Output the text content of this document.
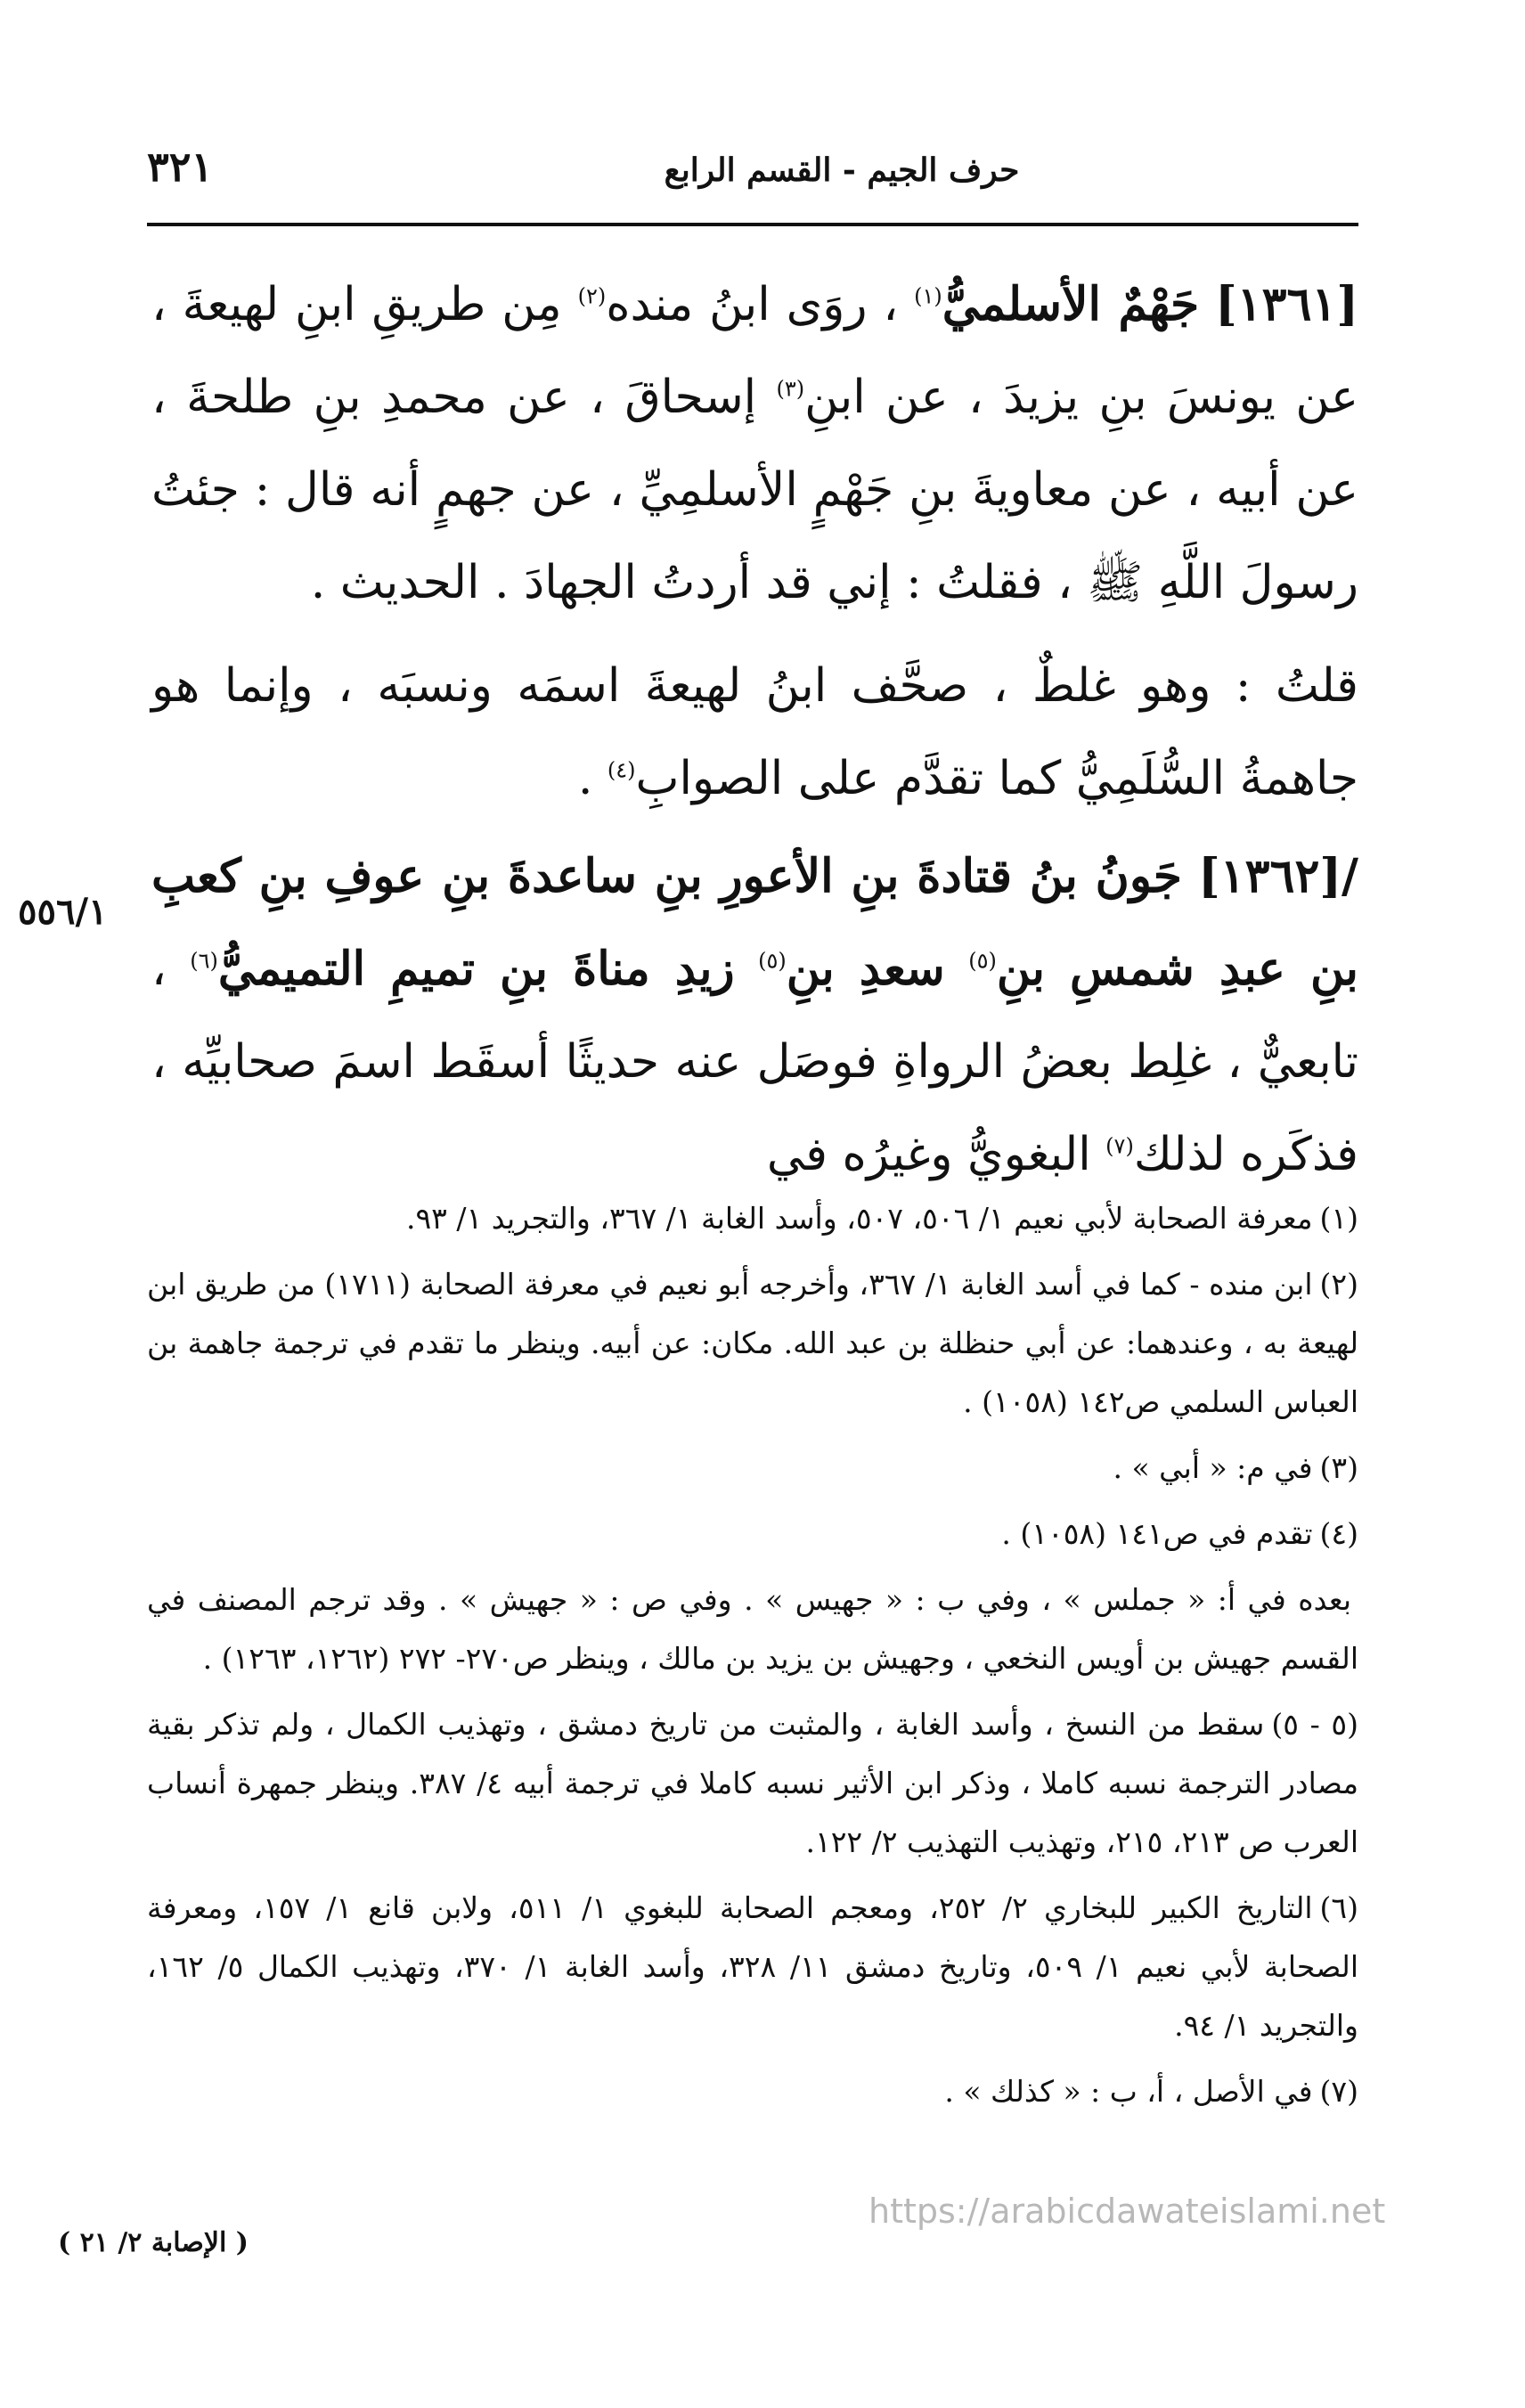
٣٢١	حرف الجيم - القسم الرابع

[١٣٦١] جَهْمٌ الأسلميُّ$^{(١)}$ ، روَى ابنُ منده$^{(٢)}$ مِن طريقِ ابنِ لهيعةَ ، عن يونسَ بنِ يزيدَ ، عن ابنِ$^{(٣)}$ إسحاقَ ، عن محمدِ بنِ طلحةَ ، عن أبيه ، عن معاويةَ بنِ جَهْمٍ الأسلمِيِّ ، عن جهمٍ أنه قال : جئتُ رسولَ اللَّهِ ﷺ ، فقلتُ : إني قد أردتُ الجهادَ . الحديث .

قلتُ : وهو غلطٌ ، صحَّف ابنُ لهيعةَ اسمَه ونسبَه ، وإنما هو جاهمةُ السُّلَمِيُّ كما تقدَّم على الصوابِ$^{(٤)}$ .

/[١٣٦٢] جَونُ بنُ قتادةَ بنِ الأعورِ بنِ ساعدةَ بنِ عوفِ بنِ كعبِ بنِ عبدِ شمسِ بنِ$^{(٥)}$ سعدِ بنِ$^{(٥)}$ زيدِ مناةَ بنِ تميمِ التميميُّ$^{(٦)}$ ، تابعيٌّ ، غلِط بعضُ الرواةِ فوصَل عنه حديثًا أسقَط اسمَ صحابيِّه ، فذكَره لذلك$^{(٧)}$ البغويُّ وغيرُه في

٥٥٦/١

(١)معرفة الصحابة لأبي نعيم ١/ ٥٠٦، ٥٠٧، وأسد الغابة ١/ ٣٦٧، والتجريد ١/ ٩٣.

(٢)ابن منده - كما في أسد الغابة ١/ ٣٦٧، وأخرجه أبو نعيم في معرفة الصحابة (١٧١١) من طريق ابن لهيعة به ، وعندهما: عن أبي حنظلة بن عبد الله. مكان: عن أبيه. وينظر ما تقدم في ترجمة جاهمة بن العباس السلمي ص١٤٢ (١٠٥٨) .

(٣)في م: « أبي » .

(٤)تقدم في ص١٤١ (١٠٥٨) .

بعده في أ: « جملس » ، وفي ب : « جهيس » . وفي ص : « جهيش » . وقد ترجم المصنف في القسم جهيش بن أويس النخعي ، وجهيش بن يزيد بن مالك ، وينظر ص٢٧٠- ٢٧٢ (١٢٦٢، ١٢٦٣) .

(٥ - ٥)سقط من النسخ ، وأسد الغابة ، والمثبت من تاريخ دمشق ، وتهذيب الكمال ، ولم تذكر بقية مصادر الترجمة نسبه كاملا ، وذكر ابن الأثير نسبه كاملا في ترجمة أبيه ٤/ ٣٨٧. وينظر جمهرة أنساب العرب ص ٢١٣، ٢١٥، وتهذيب التهذيب ٢/ ١٢٢.

(٦)التاريخ الكبير للبخاري ٢/ ٢٥٢، ومعجم الصحابة للبغوي ١/ ٥١١، ولابن قانع ١/ ١٥٧، ومعرفة الصحابة لأبي نعيم ١/ ٥٠٩، وتاريخ دمشق ١١/ ٣٢٨، وأسد الغابة ١/ ٣٧٠، وتهذيب الكمال ٥/ ١٦٢، والتجريد ١/ ٩٤.

(٧)في الأصل ، أ، ب : « كذلك » .

https://arabicdawateislami.net
( الإصابة ٢/ ٢١ )
